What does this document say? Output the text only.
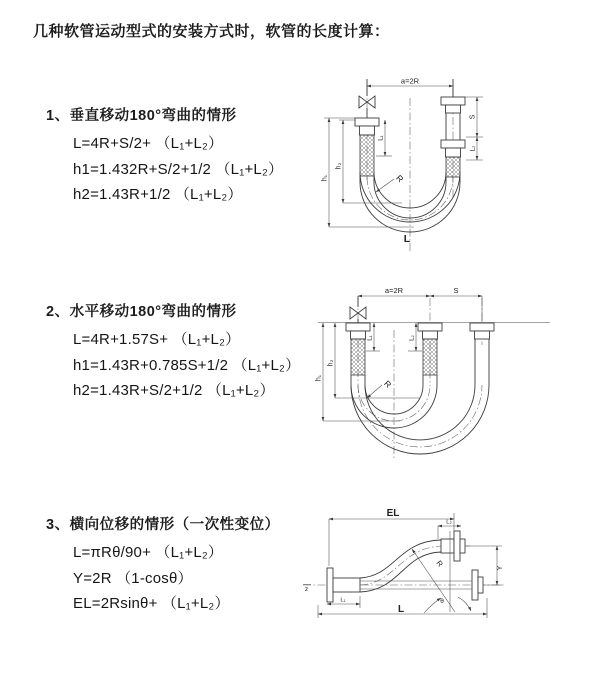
几种软管运动型式的安装方式时，软管的长度计算：

1、垂直移动180°弯曲的情形

L=4R+S/2+ （L₁+L₂）

h1=1.432R+S/2+1/2 （L₁+L₂）

h2=1.43R+1/2 （L₁+L₂）

2、水平移动180°弯曲的情形

L=4R+1.57S+ （L₁+L₂）

h1=1.43R+0.785S+1/2 （L₁+L₂）

h2=1.43R+S/2+1/2 （L₁+L₂）

3、横向位移的情形（一次性变位）

L=πRθ/90+ （L₁+L₂）

Y=2R （1-cosθ）

EL=2Rsinθ+ （L₁+L₂）

a=2R
h₁
h₂
L₁
S
L₂
R
L
a=2R	S
h₁
h₂
L₁	L₂
R
EL
L₂
Y
R
θ
L
L₁
z
